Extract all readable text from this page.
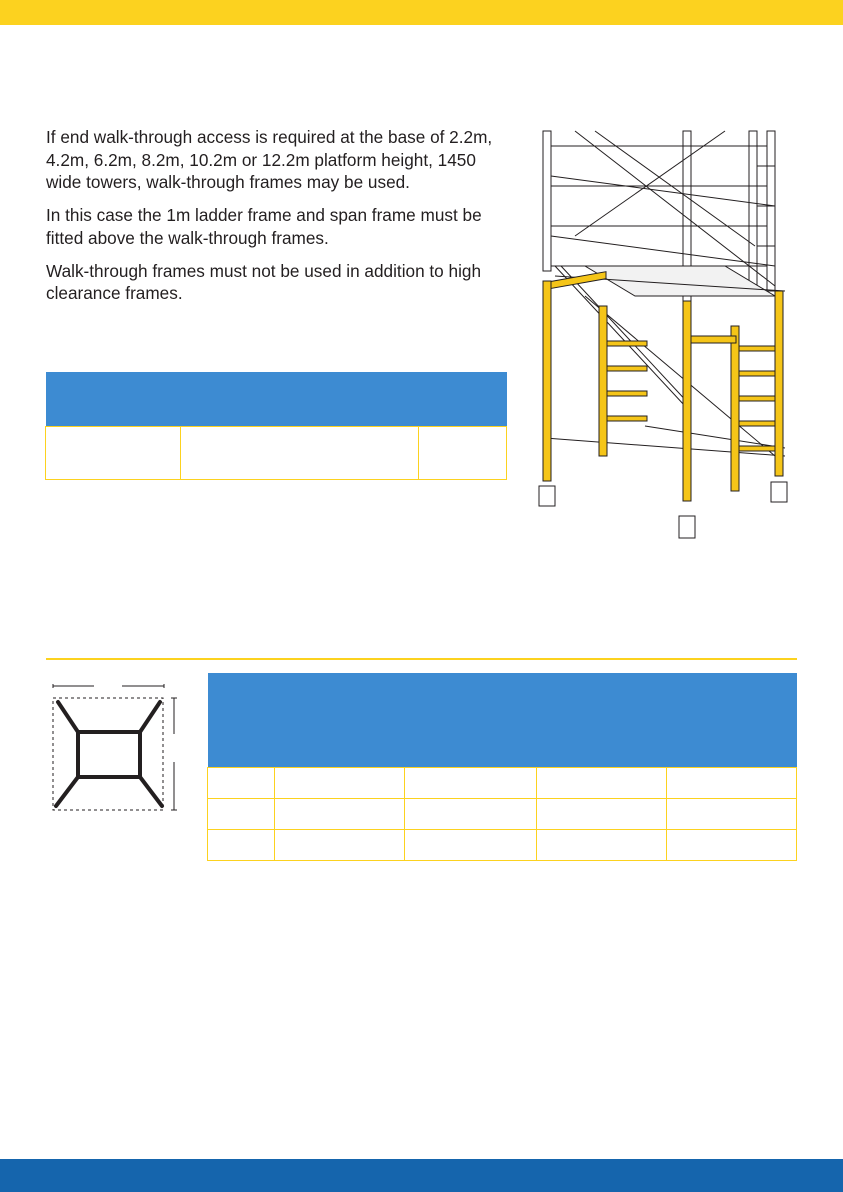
If end walk-through access is required at the base of 2.2m, 4.2m, 6.2m, 8.2m, 10.2m or 12.2m platform height, 1450 wide towers, walk-through frames may be used.

In this case the 1m ladder frame and span frame must be fitted above the walk-through frames.

Walk-through frames must not be used in addition to high clearance frames.
